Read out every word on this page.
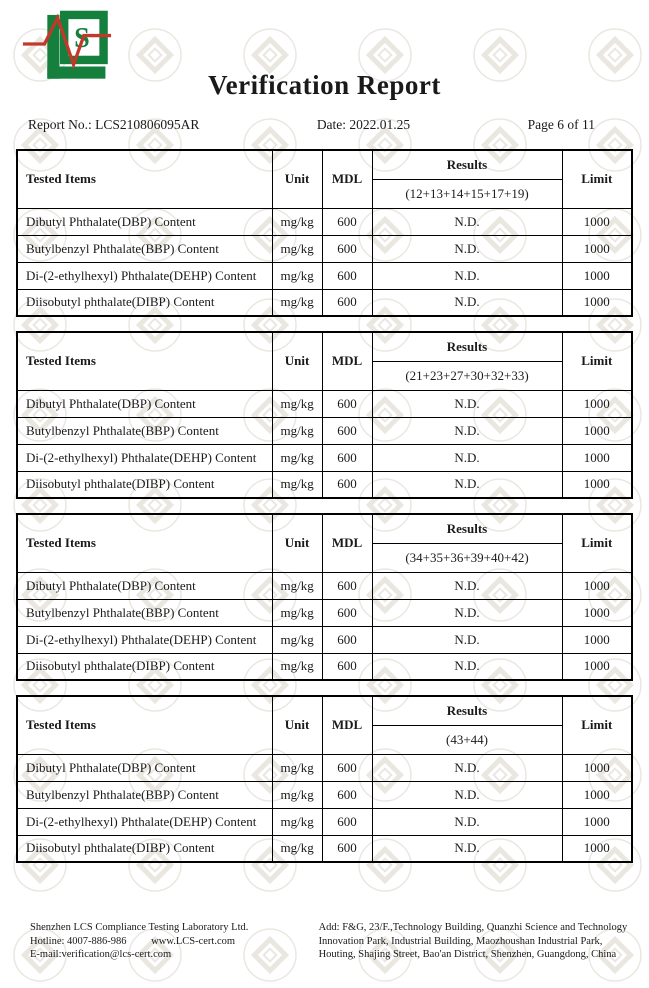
S
Verification Report
Report No.: LCS210806095AR	Date: 2022.01.25	Page 6 of 11
Tested Items	Unit	MDL	Results	Limit
			(12+13+14+15+17+19)	
Dibutyl Phthalate(DBP) Content	mg/kg	600	N.D.	1000
Butylbenzyl Phthalate(BBP) Content	mg/kg	600	N.D.	1000
Di-(2-ethylhexyl) Phthalate(DEHP) Content	mg/kg	600	N.D.	1000
Diisobutyl phthalate(DIBP) Content	mg/kg	600	N.D.	1000
Tested Items	Unit	MDL	Results	Limit
			(21+23+27+30+32+33)	
Dibutyl Phthalate(DBP) Content	mg/kg	600	N.D.	1000
Butylbenzyl Phthalate(BBP) Content	mg/kg	600	N.D.	1000
Di-(2-ethylhexyl) Phthalate(DEHP) Content	mg/kg	600	N.D.	1000
Diisobutyl phthalate(DIBP) Content	mg/kg	600	N.D.	1000
Tested Items	Unit	MDL	Results	Limit
			(34+35+36+39+40+42)	
Dibutyl Phthalate(DBP) Content	mg/kg	600	N.D.	1000
Butylbenzyl Phthalate(BBP) Content	mg/kg	600	N.D.	1000
Di-(2-ethylhexyl) Phthalate(DEHP) Content	mg/kg	600	N.D.	1000
Diisobutyl phthalate(DIBP) Content	mg/kg	600	N.D.	1000
Tested Items	Unit	MDL	Results	Limit
			(43+44)	
Dibutyl Phthalate(DBP) Content	mg/kg	600	N.D.	1000
Butylbenzyl Phthalate(BBP) Content	mg/kg	600	N.D.	1000
Di-(2-ethylhexyl) Phthalate(DEHP) Content	mg/kg	600	N.D.	1000
Diisobutyl phthalate(DIBP) Content	mg/kg	600	N.D.	1000
Shenzhen LCS Compliance Testing Laboratory Ltd.
Hotline: 4007-886-986 www.LCS-cert.com
E-mail:verification@lcs-cert.com
Add: F&G, 23/F.,Technology Building, Quanzhi Science and Technology
Innovation Park, Industrial Building, Maozhoushan Industrial Park,
Houting, Shajing Street, Bao'an District, Shenzhen, Guangdong, China
